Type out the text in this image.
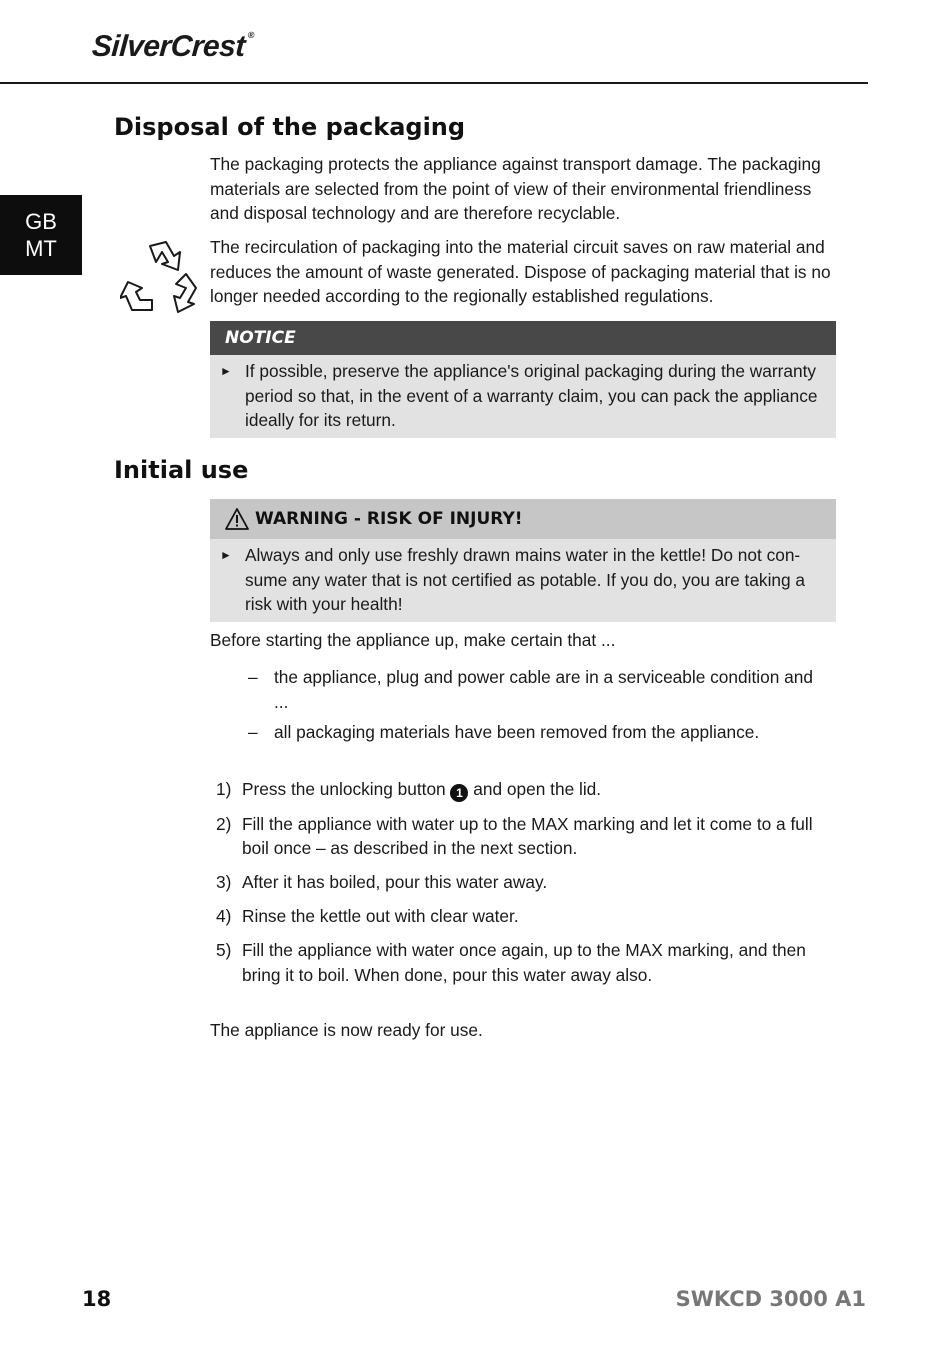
SilverCrest®
GB
MT
Disposal of the packaging

The packaging protects the appliance against transport damage. The packaging materials are selected from the point of view of their environmental friendliness and disposal technology and are therefore recyclable.

The recirculation of packaging into the material circuit saves on raw material and reduces the amount of waste generated. Dispose of packaging material that is no longer needed according to the regionally established regulations.

NOTICE
► If possible, preserve the appliance's original packaging during the warranty period so that, in the event of a warranty claim, you can pack the appliance ideally for its return.
Initial use
WARNING - RISK OF INJURY!
► Always and only use freshly drawn mains water in the kettle! Do not con-sume any water that is not certified as potable. If you do, you are taking a risk with your health!

Before starting the appliance up, make certain that ...

– the appliance, plug and power cable are in a serviceable condition and ...
– all packaging materials have been removed from the appliance.
1) Press the unlocking button 1 and open the lid.
2) Fill the appliance with water up to the MAX marking and let it come to a full boil once – as described in the next section.
3) After it has boiled, pour this water away.
4) Rinse the kettle out with clear water.
5) Fill the appliance with water once again, up to the MAX marking, and then bring it to boil. When done, pour this water away also.

The appliance is now ready for use.

18	SWKCD 3000 A1
